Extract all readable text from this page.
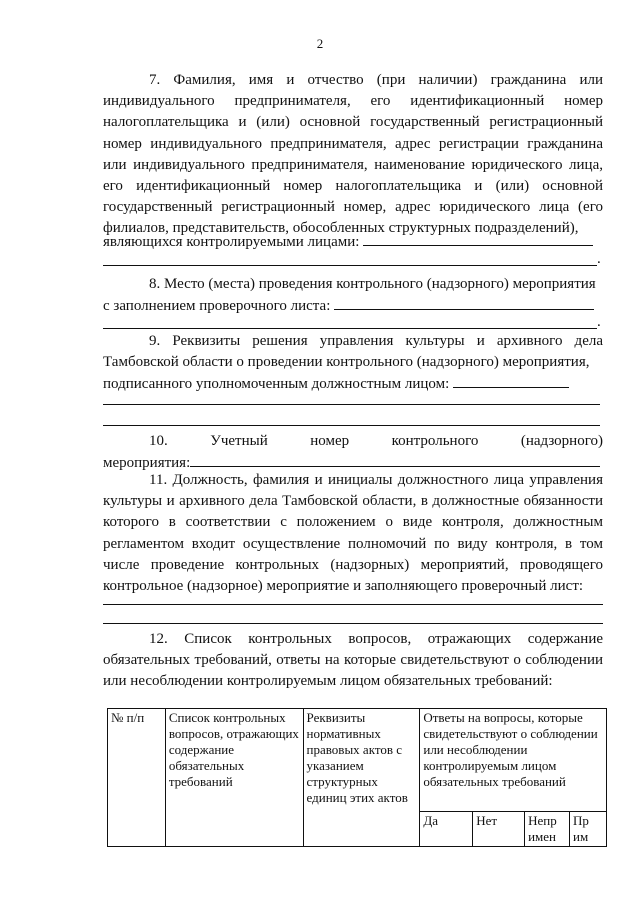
2
7. Фамилия, имя и отчество (при наличии) гражданина или индивидуального предпринимателя, его идентификационный номер налогоплательщика и (или) основной государственный регистрационный номер индивидуального предпринимателя, адрес регистрации гражданина или индивидуального предпринимателя, наименование юридического лица, его идентификационный номер налогоплательщика и (или) основной государственный регистрационный номер, адрес юридического лица (его филиалов, представительств, обособленных структурных подразделений),
являющихся контролируемыми лицами:
.
8. Место (места) проведения контрольного (надзорного) мероприятия
с заполнением проверочного листа:
.
9. Реквизиты решения управления культуры и архивного дела Тамбовской области о проведении контрольного (надзорного) мероприятия,
подписанного уполномоченным должностным лицом:
10.	Учетный	номер	контрольного	(надзорного)
мероприятия:
11. Должность, фамилия и инициалы должностного лица управления культуры и архивного дела Тамбовской области, в должностные обязанности которого в соответствии с положением о виде контроля, должностным регламентом входит осуществление полномочий по виду контроля, в том числе проведение контрольных (надзорных) мероприятий, проводящего контрольное (надзорное) мероприятие и заполняющего проверочный лист:
12. Список контрольных вопросов, отражающих содержание обязательных требований, ответы на которые свидетельствуют о соблюдении или несоблюдении контролируемым лицом обязательных требований:
№ п/п	Список контрольных вопросов, отражающих содержание обязательных требований	Реквизиты нормативных правовых актов с указанием структурных единиц этих актов	Ответы на вопросы, которые свидетельствуют о соблюдении или несоблюдении контролируемым лицом обязательных требований			
			Да	Нет	Непр имен	Пр им
